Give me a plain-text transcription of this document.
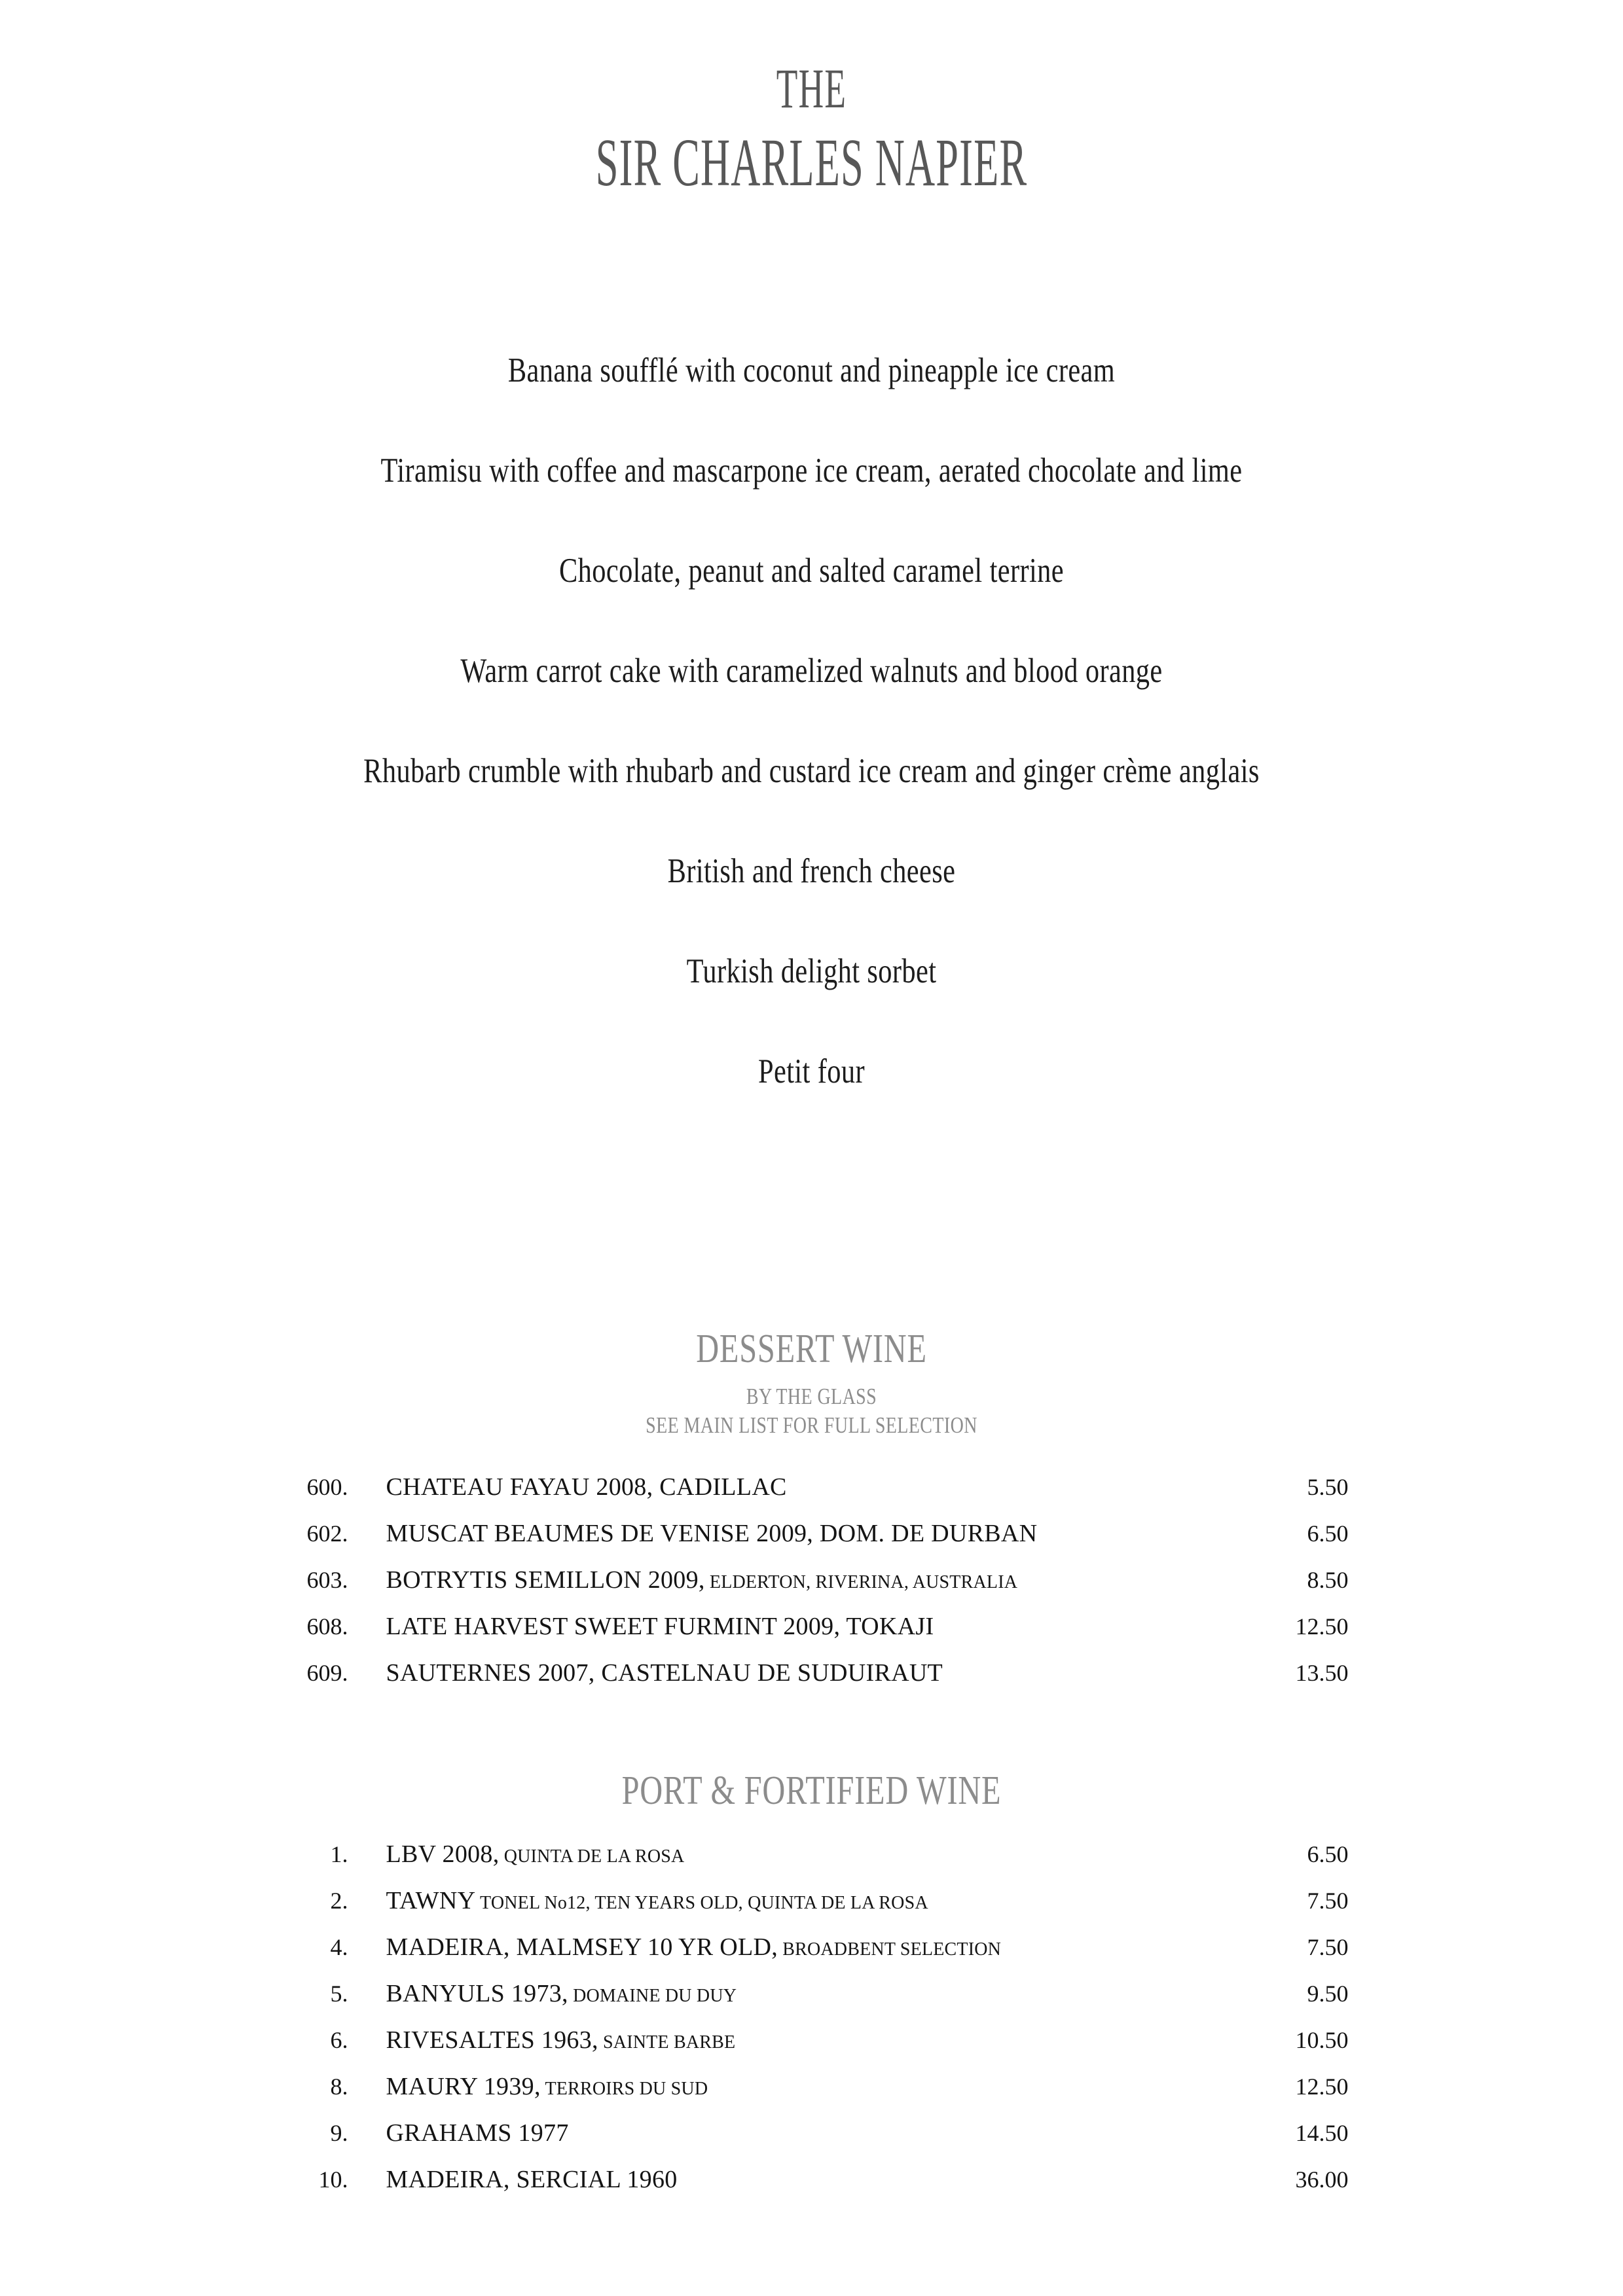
THE
SIR CHARLES NAPIER
Banana soufflé with coconut and pineapple ice cream
Tiramisu with coffee and mascarpone ice cream, aerated chocolate and lime
Chocolate, peanut and salted caramel terrine
Warm carrot cake with caramelized walnuts and blood orange
Rhubarb crumble with rhubarb and custard ice cream and ginger crème anglais
British and french cheese
Turkish delight sorbet
Petit four
DESSERT WINE
BY THE GLASS
SEE MAIN LIST FOR FULL SELECTION
600.	CHATEAU FAYAU 2008, CADILLAC	5.50
602.	MUSCAT BEAUMES DE VENISE 2009, DOM. DE DURBAN	6.50
603.	BOTRYTIS SEMILLON 2009, ELDERTON, RIVERINA, AUSTRALIA	8.50
608.	LATE HARVEST SWEET FURMINT 2009, TOKAJI	12.50
609.	SAUTERNES 2007, CASTELNAU DE SUDUIRAUT	13.50
PORT & FORTIFIED WINE
1.	LBV 2008, QUINTA DE LA ROSA	6.50
2.	TAWNY TONEL No12, TEN YEARS OLD, QUINTA DE LA ROSA	7.50
4.	MADEIRA, MALMSEY 10 YR OLD, BROADBENT SELECTION	7.50
5.	BANYULS 1973, DOMAINE DU DUY	9.50
6.	RIVESALTES 1963, SAINTE BARBE	10.50
8.	MAURY 1939, TERROIRS DU SUD	12.50
9.	GRAHAMS 1977	14.50
10.	MADEIRA, SERCIAL 1960	36.00
